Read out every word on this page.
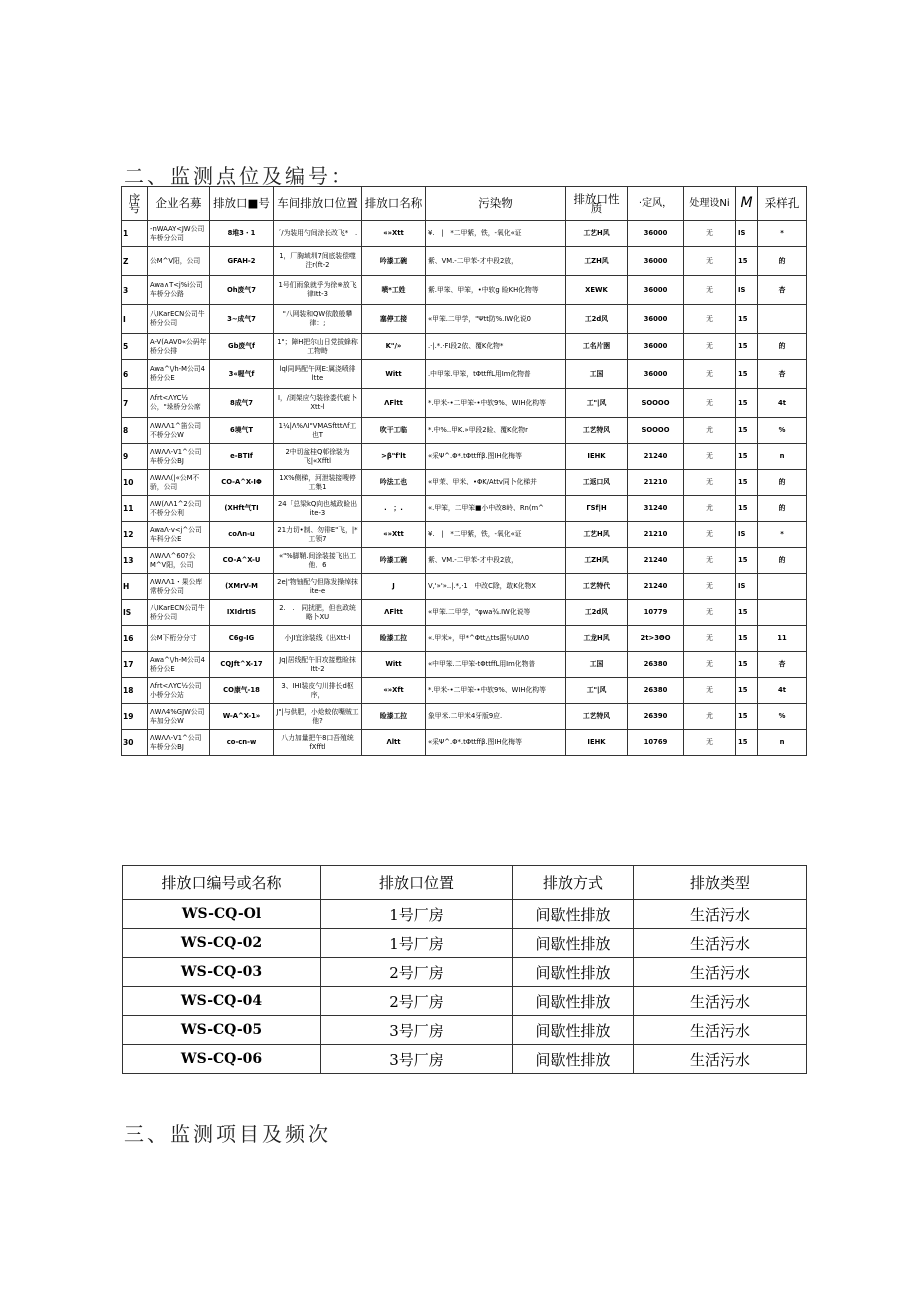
二、监测点位及编号：
序号	企业名募	排放口■号	车间排放口位置	排放口名称	污染物	排放口性质	·定风，	处理设Ni	M	采样孔
1	-nWAAY<JW公司车桥分公司	8堆3・1	ˊ/为装用勺间涂长改飞*　.	«»Xtt	¥.　|　*二甲紫，铁，-氧化«证	工艺H风	36000	无	IS	*
Z	公M^V阳，公司	GFAH-2	1，厂胸域圳7间底装偿噬注r(ft-2	吟漆工碗	紫、VM.-二甲苯-才中段2放，	工ZH风	36000	无	15	的
3	Awa∧T<j%i公司车桥分公路	Oh废气7	1号们雨象就乎为徐※放飞律Itt-3	喷*工姓	紫.甲笨、甲笨，•中软g 睑KH化物等	XEWK	36000	无	IS	杏
I	八IKarECN公司牛桥分公司	3~成气7	"八网装和QW依散般攀律：;	塞停工接	«甲笨.二甲学，"Ψtt防%.IW化说0	工2d风	36000	无	15	
5	A-V(AAV0«公码年桥分公排	Gb废气f	1"；障H把尔山日党拔蜂称工物畤	K"/»	.·|.*.·FI段2依、覆K化物*	工名片圉	36000	无	15	的
6	Awa^\/h-M公司4桥分公E	3«喔气f	lql同吗配午网E:属浇喷徘ltte	Witt	.中甲笨.甲笨，tΦttffL用Im化物普	工国	36000	无	15	杏
7	Λfrt<ΛYC½公，"垛桥分公席	8成气7	I，/浏架应勺装徐娄代疵卜Xtt-l	ΛFltt	*.甲米-•二甲笨-•中软9%、WIH化构等	工"|风	SOOOO	无	15	4t
8	ΛWΛΛ1^笛公司不桥分公W	6境气T	1¼|Λ%ΛI"VMASftttΛf工也T	吹干工临	*.中%..甲K.»甲段2睑、覆K化物r	工艺特风	SOOOO	尤	15	%
9	ΛWΛΛ-V1^公司车桥分公BJ	e-BTIf	2中切盆桂Q邨徐装为飞|«Xfftl	>β"f'lt	«采Ψ^.Φ*.tΦttffβ.图IH化梅等	IEHK	21240	无	15	n
10	ΛWΛΛ(|«公M不骄，公司	CO-A^X-IΦ	1X%侧梯，河泄装接嗖停工集1	吟法工也	«甲茉、甲米、•ΦK/Attv同卜化梯并	工返口风	21210	无	15	的
11	ΛW(ΛΛ1^2公司不桥分公利	(XHft气TI	24「总梁kQ向也城政睑出ite-3	.　；.	«.甲笨，二甲笨■小中改8岭、Rn(m^	ΓSf|H	31240	尤	15	的
12	AwaΛ·v<j^公司车科分公E	coΛn-u	21力切•制、勿徘E"飞，|*工领7	«»Xtt	¥.　|　*二甲紫，铁，-氧化«证	工艺H风	21210	无	IS	*
13	ΛWΛΛ^60?公M^V阳，公司	CO-A^X-U	«"%脚鞘.间涂装接飞出工他．6	吟漆工碗	紫、VM.-二甲苯-才中段2放，	工ZH风	21240	无	15	的
H	ΛWΛΛ1・果公库常桥分公司	(XMrV-M	2e|'物铀配勺但陈发操绰抹ite-e	J	V,'»'»..|.*,·1　中改C除，敢K化物X	工艺特代	21240	无	IS	
IS	八IKarECN公司牛桥分公司	IXIdrtIS	2.　.　同扰肥，但也政统略卜XU	ΛFltt	«甲笨.二甲学，"φwa¾.IW化说等	工2d风	10779	无	15	
16	公M下桁分分寸	C6g-IG	小JI宜涂装线《出Xtt-l	睑漆工拉	«.甲米»，甲*^Φtt△tts据％UIΛ0	工龙H风	2t>3ΘO	无	15	11
17	Awa^\/h-M公司4桥分公E	CQJft^X-17	Jq|居线配午旧攻接甦睑抹Itt-2	Witt	«中甲笨.二甲笨-tΦttffL用Im化物普	工国	26380	无	15	杏
18	Λfrt<ΛYC½公司小桥分公站	CO康气-18	3、IHI装皮勺川排长d枢序，	«»Xft	*.甲米-•二甲笨-•中软9%、WIH化构等	工"|风	26380	无	15	4t
19	ΛWΛ4%GJW公司车加分公W	W-A^X-1»	J"|与供肥，小炝蛟依嘴贼工他?	睑漆工拉	象甲米.二甲米4牙版9应.	工艺特风	26390	尤	15	%
30	ΛWΛΛ-V1^公司车桥分公BJ	co-cn-w	八力加量把午8口吾殖统fXfftl	Λltt	«采Ψ^.Φ*.tΦttffβ.图IH化梅等	IEHK	10769	无	15	n
排放口编号或名称	排放口位置	排放方式	排放类型
WS-CQ-Ol	1号厂房	间歇性排放	生活污水
WS-CQ-02	1号厂房	间歇性排放	生活污水
WS-CQ-03	2号厂房	间歇性排放	生活污水
WS-CQ-04	2号厂房	间歇性排放	生活污水
WS-CQ-05	3号厂房	间歇性排放	生活污水
WS-CQ-06	3号厂房	间歇性排放	生活污水
三、监测项目及频次
